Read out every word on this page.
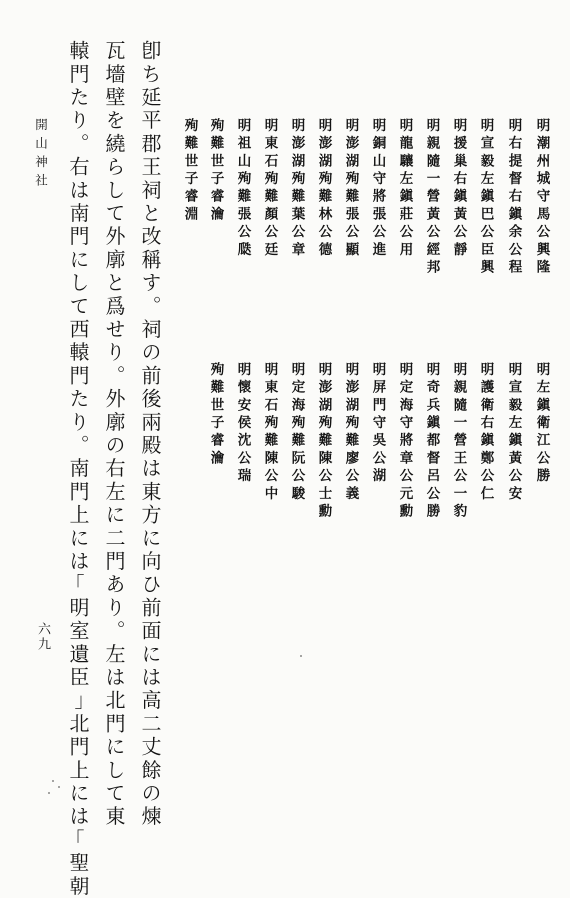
明潮州城守馬公興隆
明右提督右鎭余公程
明宣毅左鎭巴公臣興
明援巢右鎭黃公靜
明親隨一營黃公經邦
明龍驤左鎭莊公用
明銅山守將張公進
明澎湖殉難張公顯
明澎湖殉難林公德
明澎湖殉難葉公章
明東石殉難顏公廷
明祖山殉難張公瓞
殉難世子睿瀹
殉難世子睿淵
明左鎭衛江公勝
明宣毅左鎭黃公安
明護衛右鎭鄭公仁
明親隨一營王公一豹
明奇兵鎭都督呂公勝
明定海守將章公元勳
明屏門守吳公湖
明澎湖殉難廖公義
明澎湖殉難陳公士勳
明定海殉難阮公駿
明東石殉難陳公中
明懷安侯沈公瑞
殉難世子睿瀹
卽ち延平郡王祠と改稱す。祠の前後兩殿は東方に向ひ前面には高二丈餘の煉
瓦墻壁を繞らして外廓と爲せり。外廓の右左に二門あり。左は北門にして東
轅門たり。右は南門にして西轅門たり。南門上には｢明室遺臣｣北門上には｢聖朝
開山神社
六九
